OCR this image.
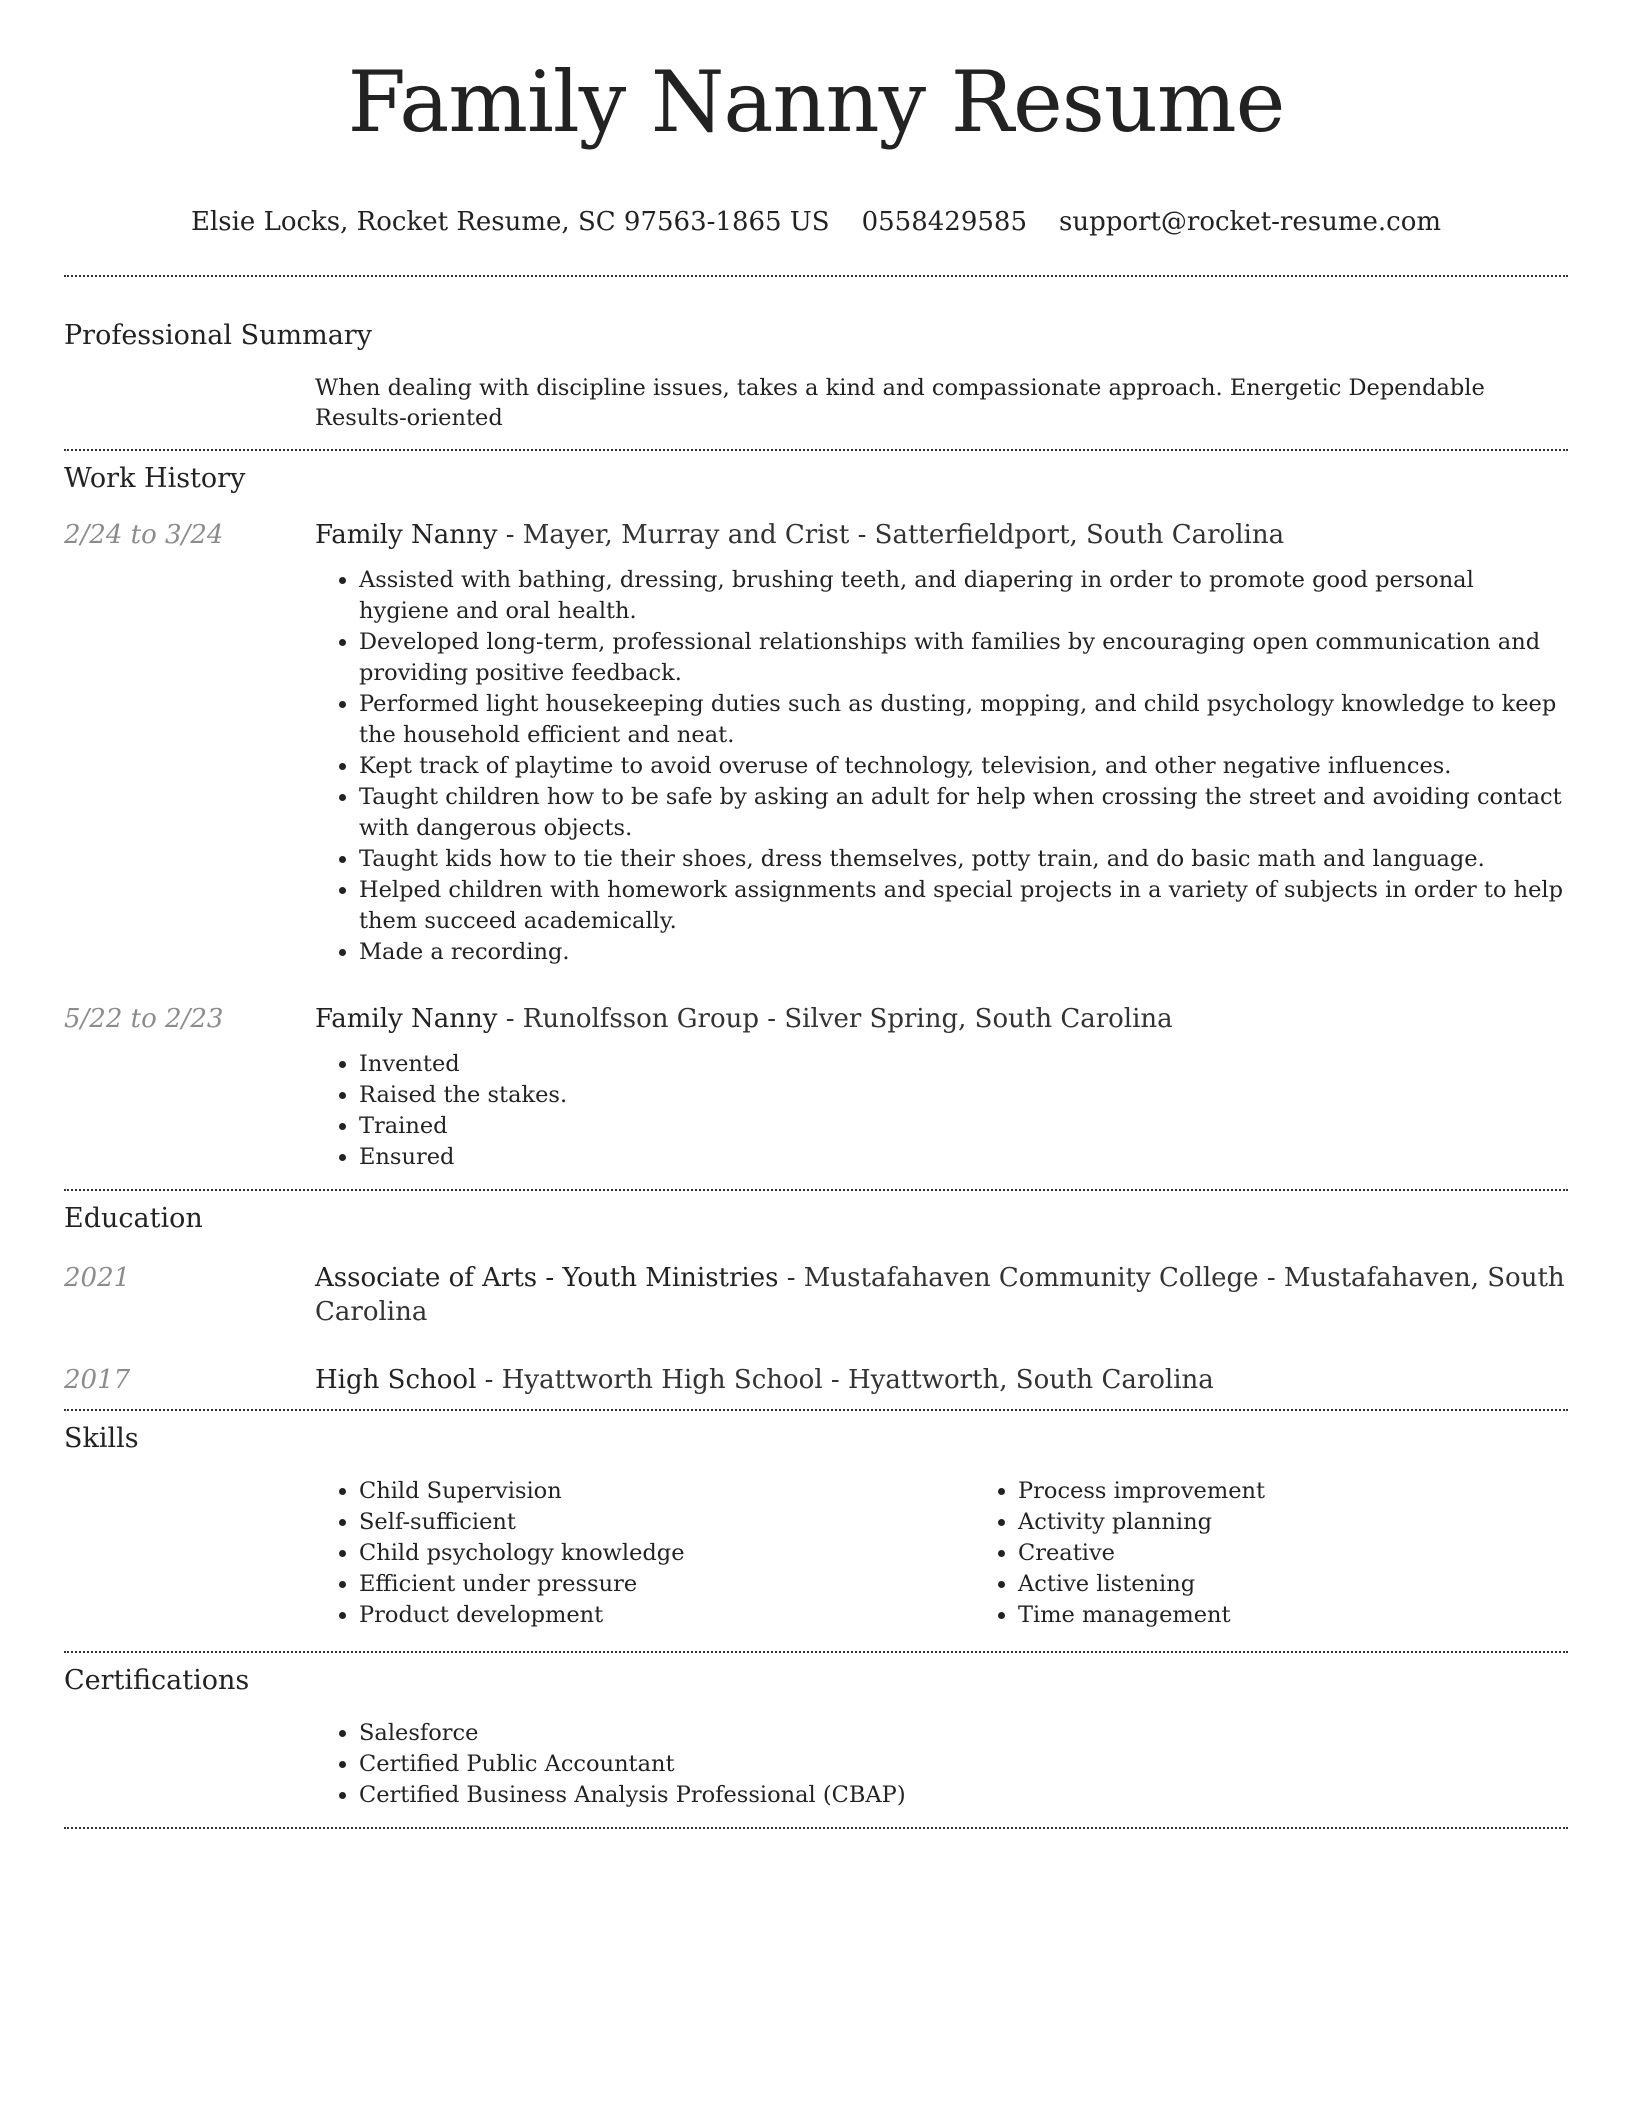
Family Nanny Resume
Elsie Locks, Rocket Resume, SC 97563-1865 US 0558429585 support@rocket-resume.com
Professional Summary
When dealing with discipline issues, takes a kind and compassionate approach. Energetic Dependable Results-oriented
Work History
2/24 to 3/24	Family Nanny - Mayer, Murray and Crist - Satterfieldport, South Carolina

• Assisted with bathing, dressing, brushing teeth, and diapering in order to promote good personal hygiene and oral health.
• Developed long-term, professional relationships with families by encouraging open communication and providing positive feedback.
• Performed light housekeeping duties such as dusting, mopping, and child psychology knowledge to keep the household efficient and neat.
• Kept track of playtime to avoid overuse of technology, television, and other negative influences.
• Taught children how to be safe by asking an adult for help when crossing the street and avoiding contact with dangerous objects.
• Taught kids how to tie their shoes, dress themselves, potty train, and do basic math and language.
• Helped children with homework assignments and special projects in a variety of subjects in order to help them succeed academically.
• Made a recording.
5/22 to 2/23	Family Nanny - Runolfsson Group - Silver Spring, South Carolina

• Invented
• Raised the stakes.
• Trained
• Ensured
Education
2021	Associate of Arts - Youth Ministries - Mustafahaven Community College - Mustafahaven, South Carolina

2017	High School - Hyattworth High School - Hyattworth, South Carolina

Skills
• Child Supervision
• Self-sufficient
• Child psychology knowledge
• Efficient under pressure
• Product development
• Process improvement
• Activity planning
• Creative
• Active listening
• Time management
Certifications
• Salesforce
• Certified Public Accountant
• Certified Business Analysis Professional (CBAP)
